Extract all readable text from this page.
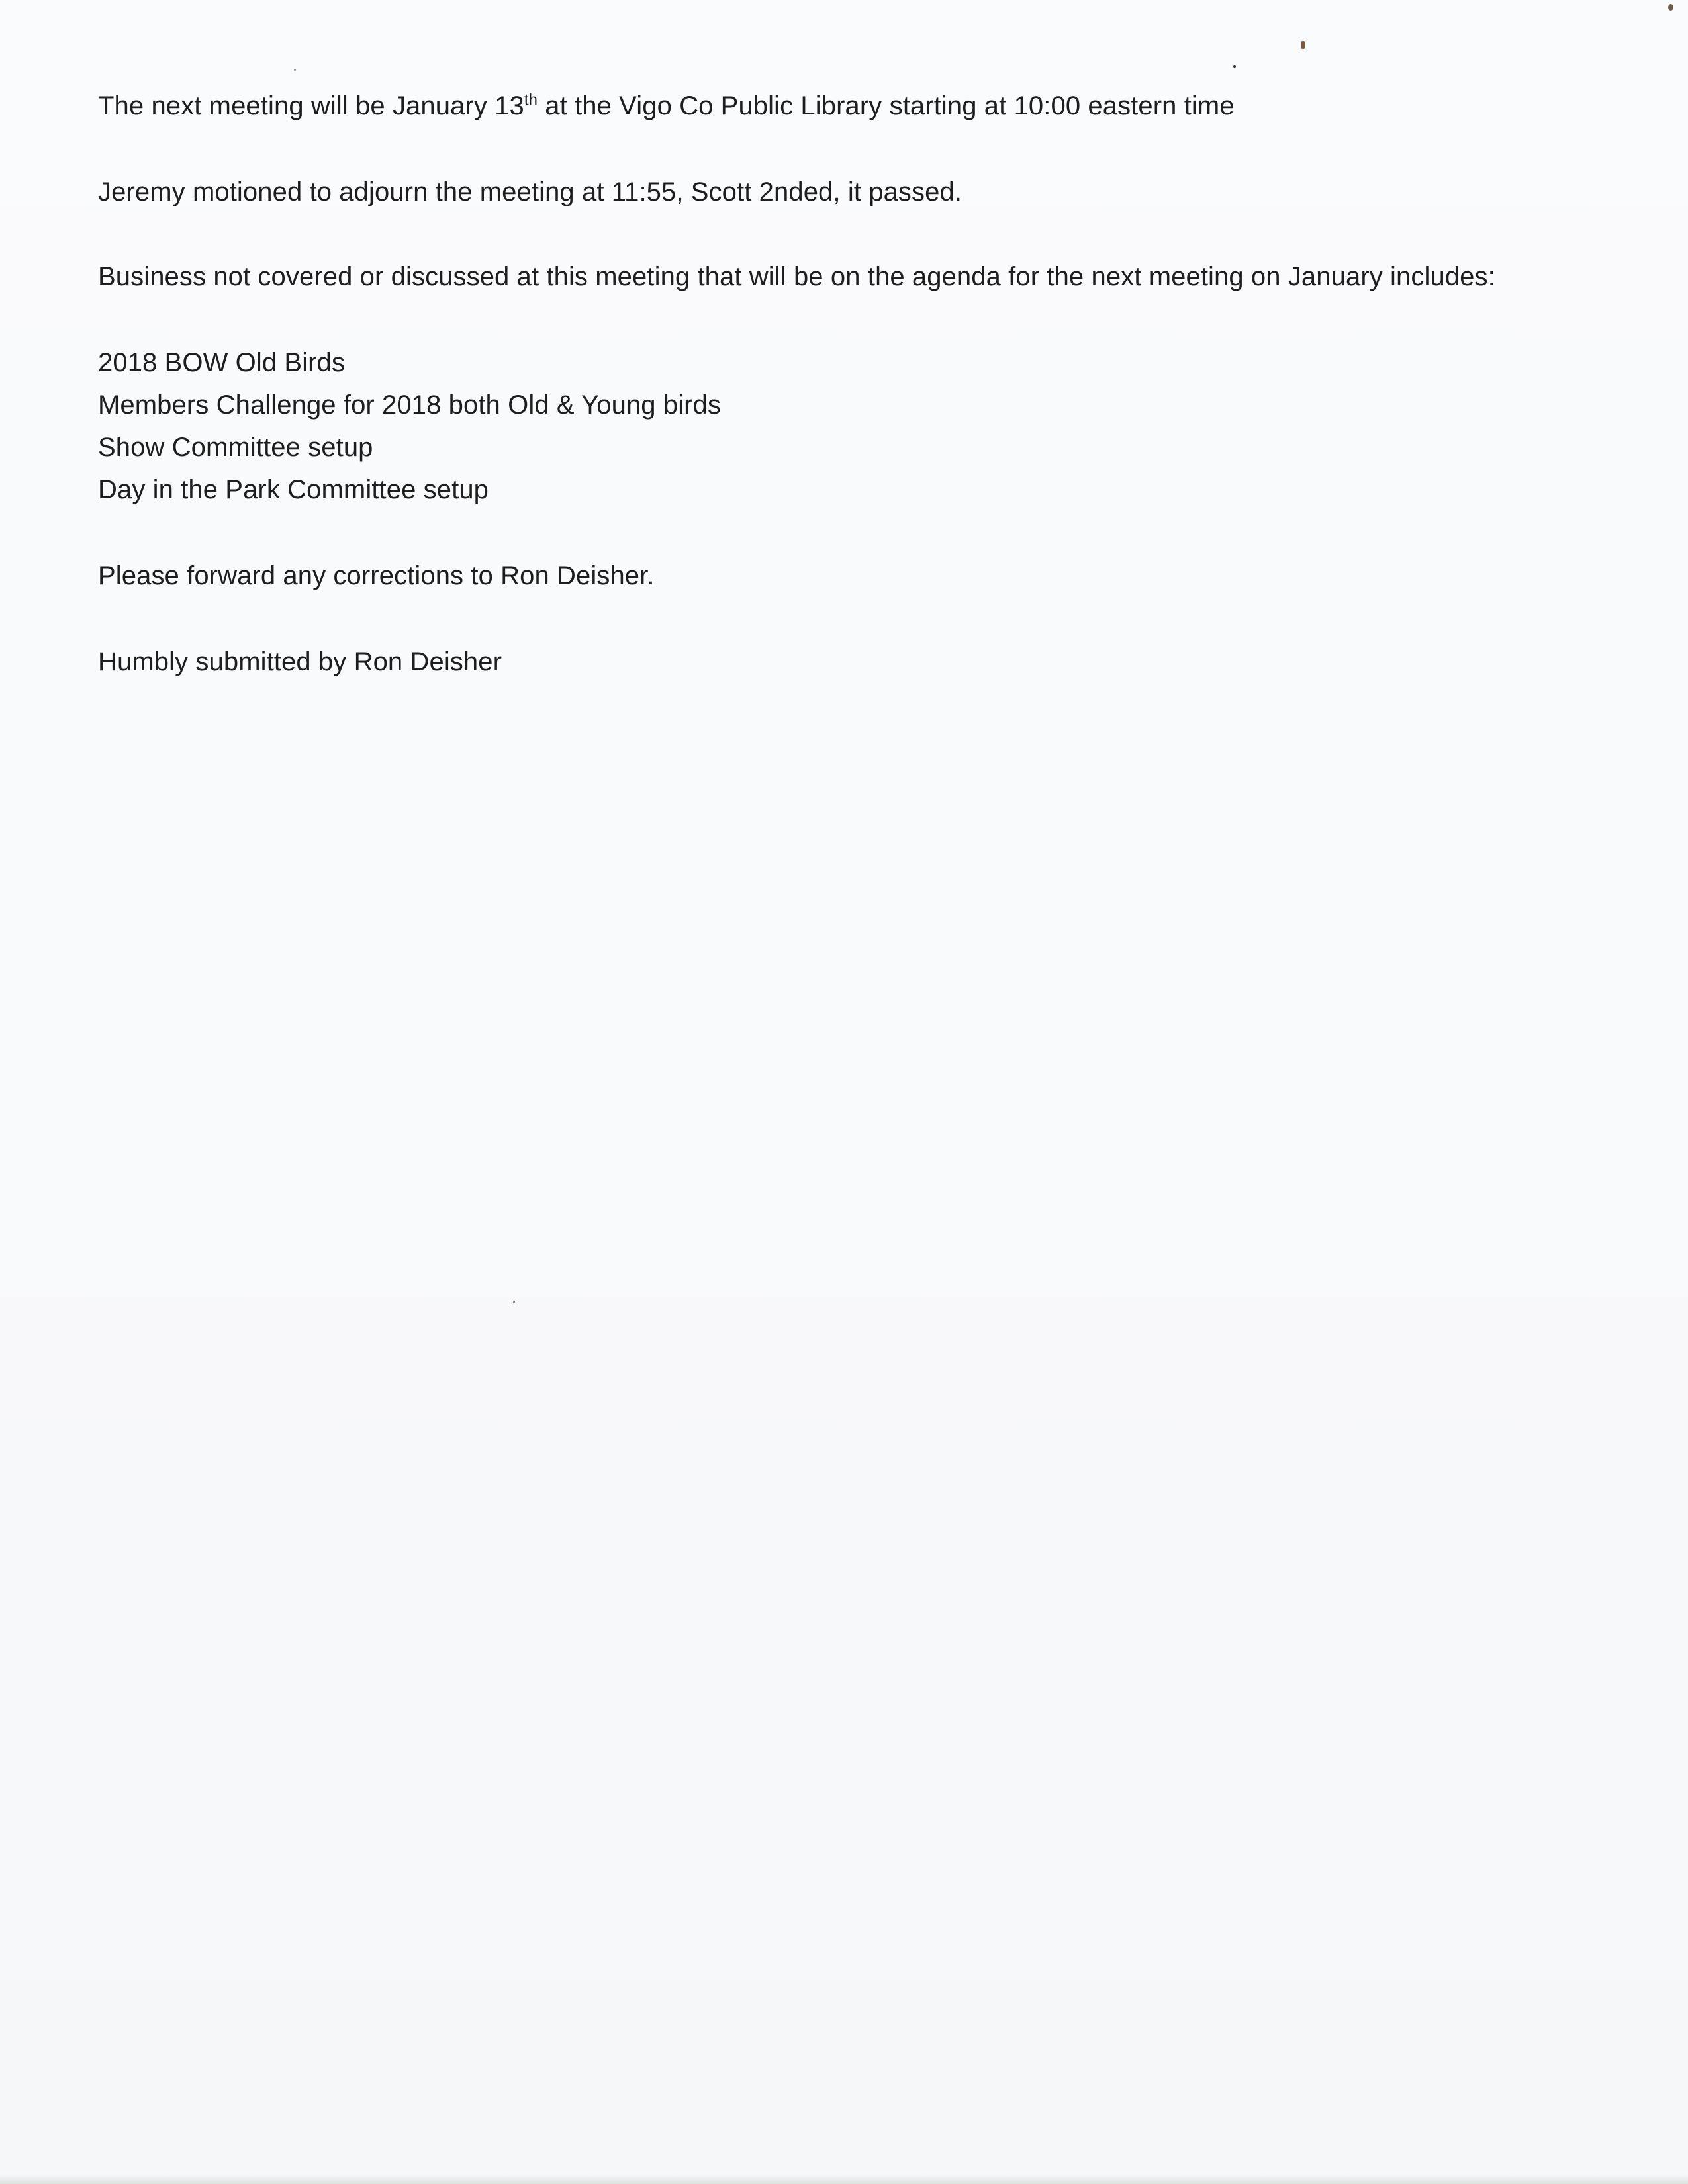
The next meeting will be January 13th at the Vigo Co Public Library starting at 10:00 eastern time
Jeremy motioned to adjourn the meeting at 11:55, Scott 2nded, it passed.
Business not covered or discussed at this meeting that will be on the agenda for the next meeting on January includes:
2018 BOW Old Birds
Members Challenge for 2018 both Old & Young birds
Show Committee setup
Day in the Park Committee setup
Please forward any corrections to Ron Deisher.
Humbly submitted by Ron Deisher
